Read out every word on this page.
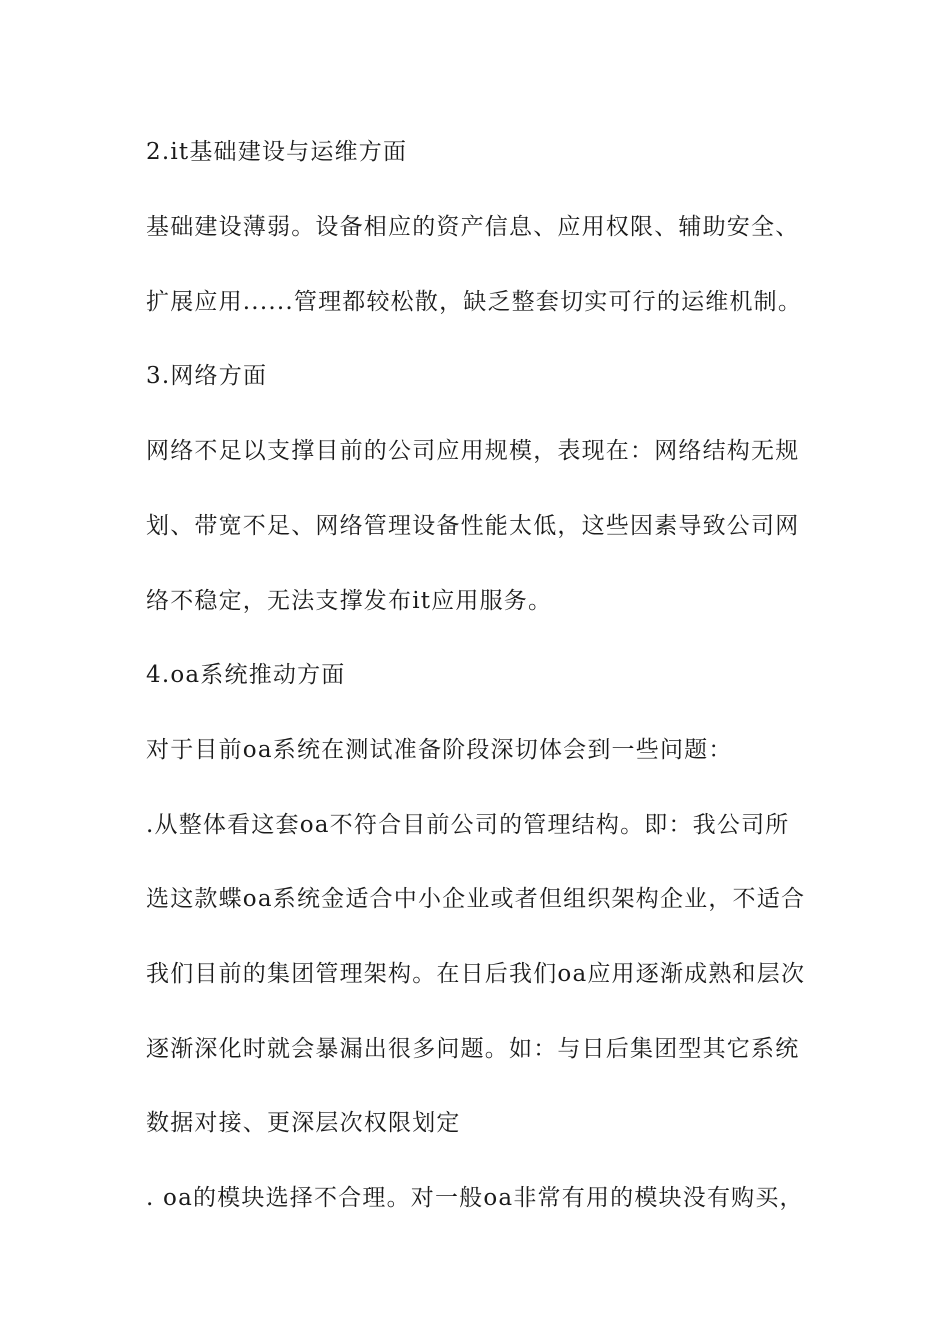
2.it基础建设与运维方面

基础建设薄弱。设备相应的资产信息、应用权限、辅助安全、

扩展应用......管理都较松散，缺乏整套切实可行的运维机制。

3.网络方面

网络不足以支撑目前的公司应用规模，表现在：网络结构无规

划、带宽不足、网络管理设备性能太低，这些因素导致公司网

络不稳定，无法支撑发布it应用服务。

4.oa系统推动方面

对于目前oa系统在测试准备阶段深切体会到一些问题：

.从整体看这套oa不符合目前公司的管理结构。即：我公司所

选这款蝶oa系统金适合中小企业或者但组织架构企业，不适合

我们目前的集团管理架构。在日后我们oa应用逐渐成熟和层次

逐渐深化时就会暴漏出很多问题。如：与日后集团型其它系统

数据对接、更深层次权限划定

. oa的模块选择不合理。对一般oa非常有用的模块没有购买，
